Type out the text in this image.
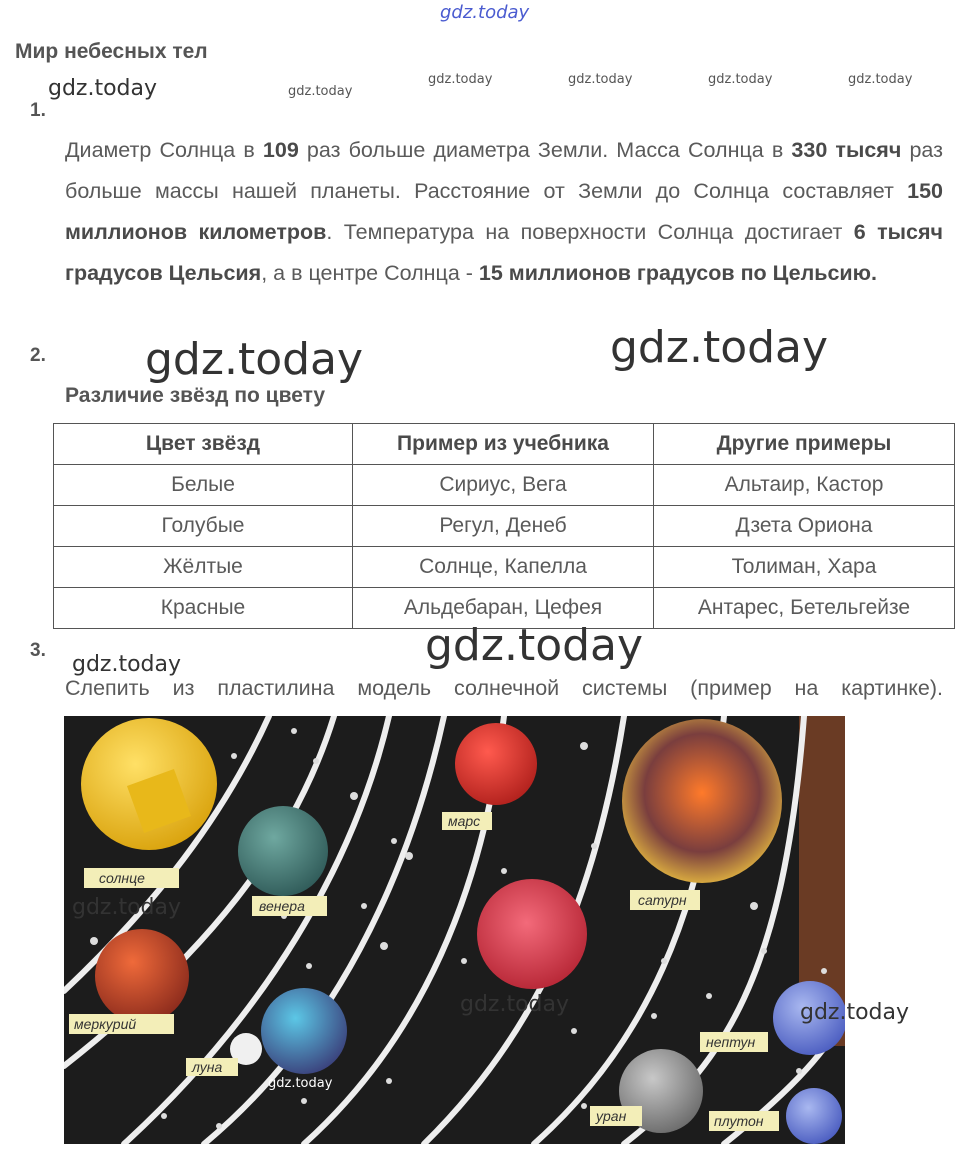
gdz.today
Мир небесных тел
gdz.today	gdz.today
gdz.today	gdz.today	gdz.today	gdz.today
1.
Диаметр Солнца в 109 раз больше диаметра Земли. Масса Солнца в 330 тысяч раз больше массы нашей планеты. Расстояние от Земли до Солнца составляет 150 миллионов километров. Температура на поверхности Солнца достигает 6 тысяч градусов Цельсия, а в центре Солнца - 15 миллионов градусов по Цельсию.
2. gdz.today	gdz.today
Различие звёзд по цвету
Цвет звёзд	Пример из учебника	Другие примеры
Белые	Сириус, Вега	Альтаир, Кастор
Голубые	Регул, Денеб	Дзета Ориона
Жёлтые	Солнце, Капелла	Толиман, Хара
Красные	Альдебаран, Цефея	Антарес, Бетельгейзе
3.	gdz.today
gdz.today
Слепить из пластилина модель солнечной системы (пример на картинке).
солнце
венера
меркурий
луна
марс
сатурн
нептун
уран	плутон
gdz.today
gdz.today	gdz.today
gdz.today
